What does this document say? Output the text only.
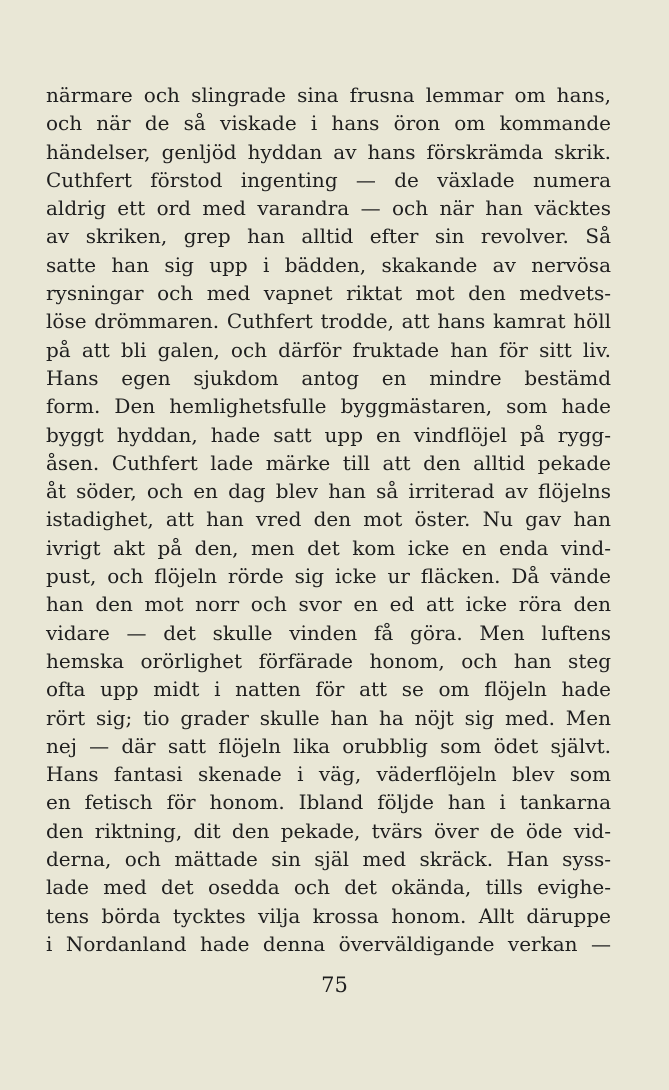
närmare och slingrade sina frusna lemmar om hans,
och när de så viskade i hans öron om kommande
händelser, genljöd hyddan av hans förskrämda skrik.
Cuthfert förstod ingenting — de växlade numera
aldrig ett ord med varandra — och när han väcktes
av skriken, grep han alltid efter sin revolver. Så
satte han sig upp i bädden, skakande av nervösa
rysningar och med vapnet riktat mot den medvets-
löse drömmaren. Cuthfert trodde, att hans kamrat höll
på att bli galen, och därför fruktade han för sitt liv.
Hans egen sjukdom antog en mindre bestämd
form. Den hemlighetsfulle byggmästaren, som hade
byggt hyddan, hade satt upp en vindflöjel på rygg-
åsen. Cuthfert lade märke till att den alltid pekade
åt söder, och en dag blev han så irriterad av flöjelns
istadighet, att han vred den mot öster. Nu gav han
ivrigt akt på den, men det kom icke en enda vind-
pust, och flöjeln rörde sig icke ur fläcken. Då vände
han den mot norr och svor en ed att icke röra den
vidare — det skulle vinden få göra. Men luftens
hemska orörlighet förfärade honom, och han steg
ofta upp midt i natten för att se om flöjeln hade
rört sig; tio grader skulle han ha nöjt sig med. Men
nej — där satt flöjeln lika orubblig som ödet självt.
Hans fantasi skenade i väg, väderflöjeln blev som
en fetisch för honom. Ibland följde han i tankarna
den riktning, dit den pekade, tvärs över de öde vid-
derna, och mättade sin själ med skräck. Han syss-
lade med det osedda och det okända, tills evighe-
tens börda tycktes vilja krossa honom. Allt däruppe
i Nordanland hade denna överväldigande verkan —
75
